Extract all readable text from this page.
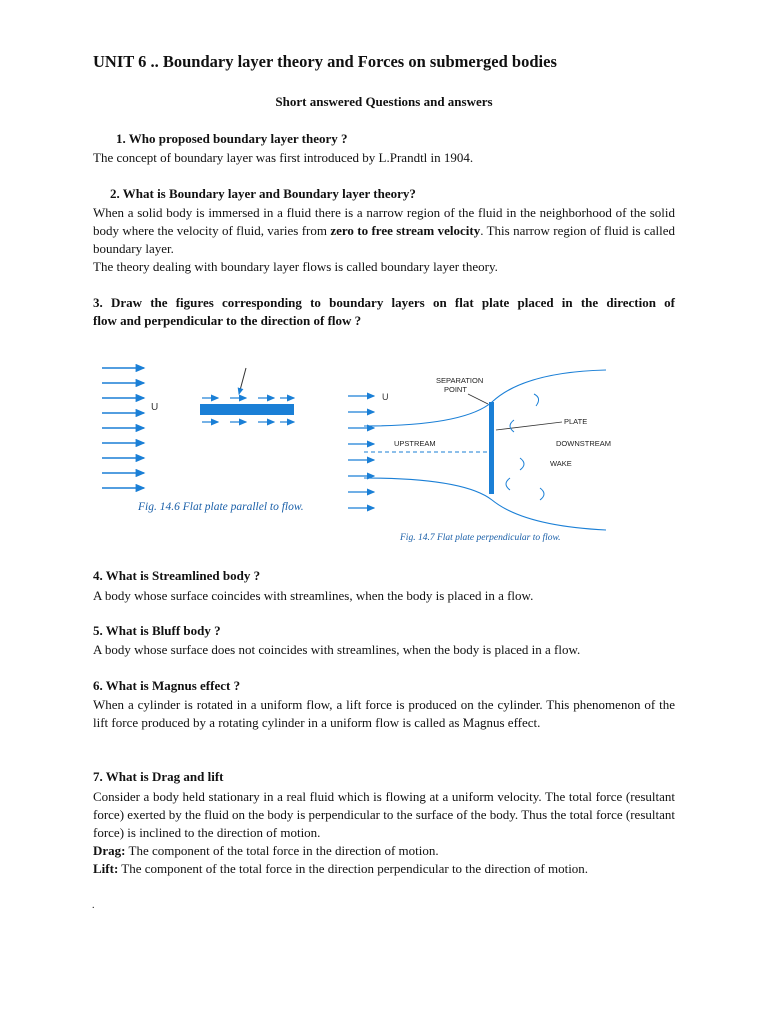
UNIT 6 .. Boundary layer theory and Forces on submerged bodies
Short answered Questions and answers
1. Who proposed boundary layer theory ?
The concept of boundary layer was first introduced by L.Prandtl in 1904.
2. What is Boundary layer and Boundary layer theory?
When a solid body is immersed in a fluid there is a narrow region of the fluid in the neighborhood of the solid body where the velocity of fluid, varies from zero to free stream velocity. This narrow region of fluid is called boundary layer.
The theory dealing with boundary layer flows is called boundary layer theory.
3. Draw the figures corresponding to boundary layers on flat plate placed in the direction of
flow and perpendicular to the direction of flow ?
U
Fig. 14.6 Flat plate parallel to flow.
U
SEPARATION
POINT
PLATE
UPSTREAM	DOWNSTREAM
WAKE
Fig. 14.7 Flat plate perpendicular to flow.
4. What is Streamlined body ?
A body whose surface coincides with streamlines, when the body is placed in a flow.
5. What is Bluff body ?
A body whose surface does not coincides with streamlines, when the body is placed in a flow.
6. What is Magnus effect ?
When a cylinder is rotated in a uniform flow, a lift force is produced on the cylinder. This phenomenon of the lift force produced by a rotating cylinder in a uniform flow is called as Magnus effect.
7. What is Drag and lift
Consider a body held stationary in a real fluid which is flowing at a uniform velocity. The total force (resultant force) exerted by the fluid on the body is perpendicular to the surface of the body. Thus the total force (resultant force) is inclined to the direction of motion.
Drag: The component of the total force in the direction of motion.
Lift: The component of the total force in the direction perpendicular to the direction of motion.
.
